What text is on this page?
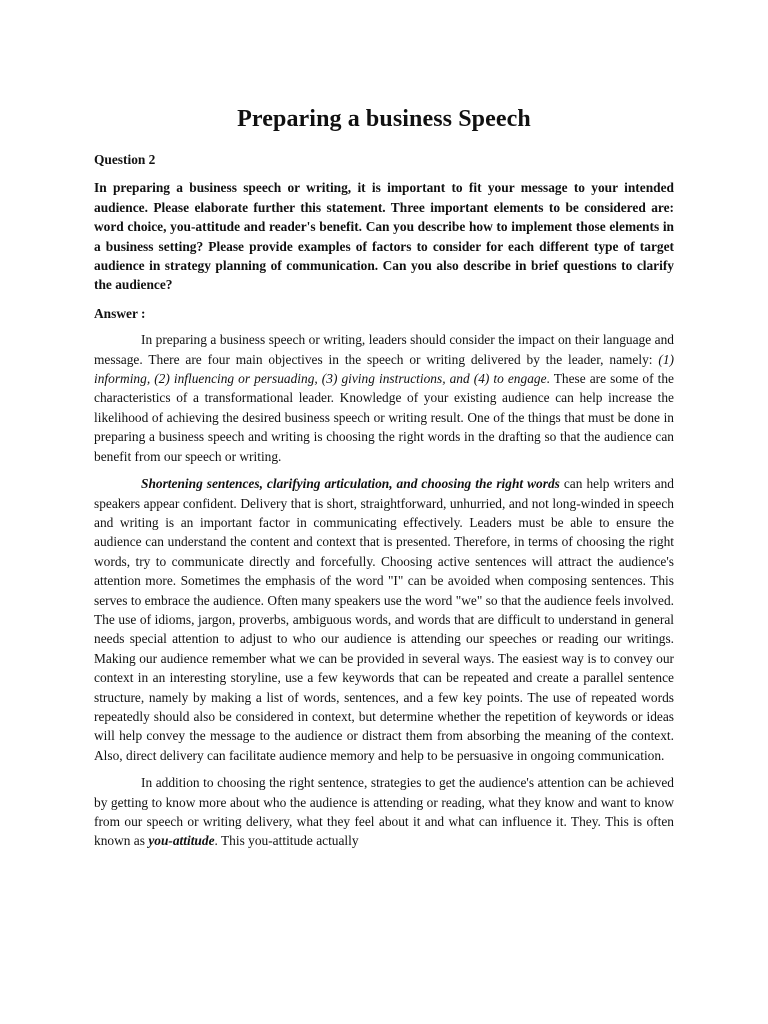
Preparing a business Speech

Question 2

In preparing a business speech or writing, it is important to fit your message to your intended audience. Please elaborate further this statement. Three important elements to be considered are: word choice, you-attitude and reader's benefit. Can you describe how to implement those elements in a business setting? Please provide examples of factors to consider for each different type of target audience in strategy planning of communication. Can you also describe in brief questions to clarify the audience?

Answer :

In preparing a business speech or writing, leaders should consider the impact on their language and message. There are four main objectives in the speech or writing delivered by the leader, namely: (1) informing, (2) influencing or persuading, (3) giving instructions, and (4) to engage. These are some of the characteristics of a transformational leader. Knowledge of your existing audience can help increase the likelihood of achieving the desired business speech or writing result. One of the things that must be done in preparing a business speech and writing is choosing the right words in the drafting so that the audience can benefit from our speech or writing.

Shortening sentences, clarifying articulation, and choosing the right words can help writers and speakers appear confident. Delivery that is short, straightforward, unhurried, and not long-winded in speech and writing is an important factor in communicating effectively. Leaders must be able to ensure the audience can understand the content and context that is presented. Therefore, in terms of choosing the right words, try to communicate directly and forcefully. Choosing active sentences will attract the audience's attention more. Sometimes the emphasis of the word "I" can be avoided when composing sentences. This serves to embrace the audience. Often many speakers use the word "we" so that the audience feels involved. The use of idioms, jargon, proverbs, ambiguous words, and words that are difficult to understand in general needs special attention to adjust to who our audience is attending our speeches or reading our writings. Making our audience remember what we can be provided in several ways. The easiest way is to convey our context in an interesting storyline, use a few keywords that can be repeated and create a parallel sentence structure, namely by making a list of words, sentences, and a few key points. The use of repeated words repeatedly should also be considered in context, but determine whether the repetition of keywords or ideas will help convey the message to the audience or distract them from absorbing the meaning of the context. Also, direct delivery can facilitate audience memory and help to be persuasive in ongoing communication.

In addition to choosing the right sentence, strategies to get the audience's attention can be achieved by getting to know more about who the audience is attending or reading, what they know and want to know from our speech or writing delivery, what they feel about it and what can influence it. They. This is often known as you-attitude. This you-attitude actually
